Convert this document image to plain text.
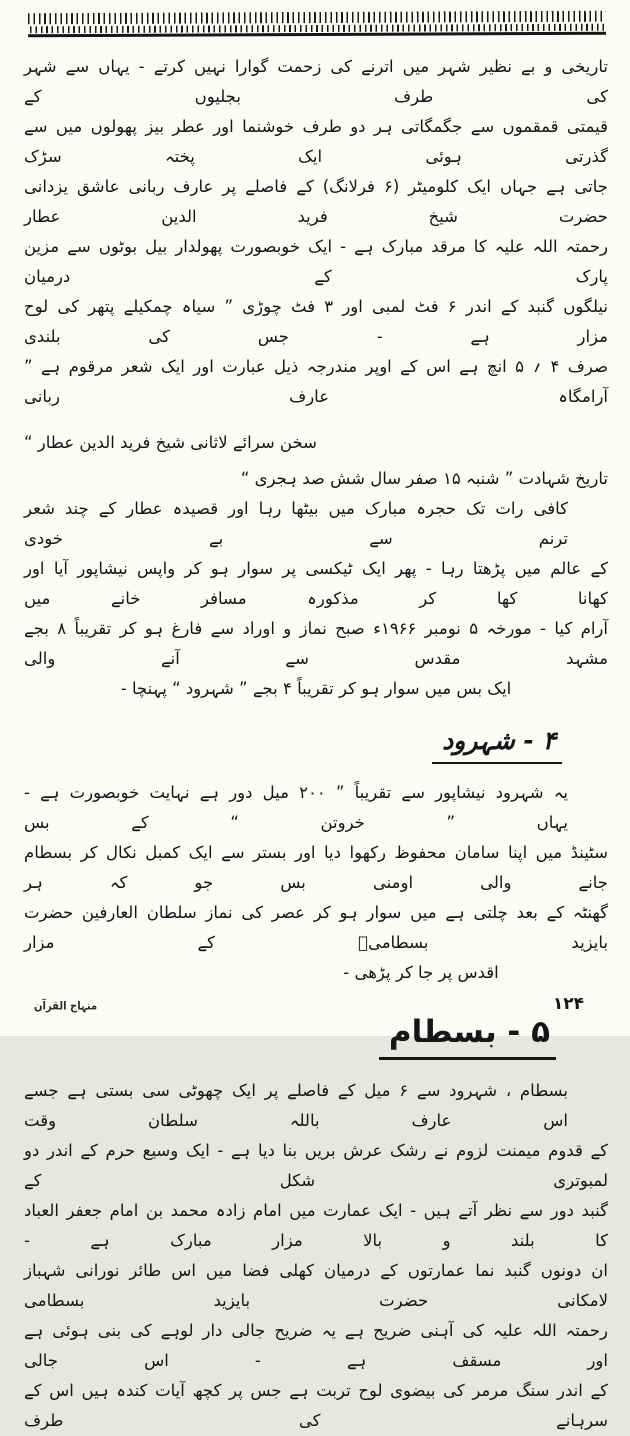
تاریخی و بے نظیر شہر میں اترنے کی زحمت گوارا نہیں کرتے - یہاں سے شہر کی طرف بجلیوں کے
قیمتی قمقموں سے جگمگاتی ہر دو طرف خوشنما اور عطر بیز پھولوں میں سے گذرتی ہوئی ایک پختہ سڑک
جاتی ہے جہاں ایک کلومیٹر (۶ فرلانگ) کے فاصلے پر عارف ربانی عاشق یزدانی حضرت شیخ فرید الدین عطار
رحمتہ اللہ علیہ کا مرقد مبارک ہے - ایک خوبصورت پھولدار بیل بوٹوں سے مزین پارک کے درمیان
نیلگوں گنبد کے اندر ۶ فٹ لمبی اور ۳ فٹ چوڑی ” سیاہ چمکیلے پتھر کی لوح مزار ہے - جس کی بلندی
صرف ۴ ؍ ۵ انچ ہے اس کے اوپر مندرجہ ذیل عبارت اور ایک شعر مرقوم ہے ” آرامگاہ عارف ربانی
سخن سرائے لاثانی شیخ فرید الدین عطار “
تاریخ شہادت ” شنبہ ۱۵ صفر سال شش صد ہجری “
کافی رات تک حجرہ مبارک میں بیٹھا رہا اور قصیدہ عطار کے چند شعر ترنم سے بے خودی
کے عالم میں پڑھتا رہا - پھر ایک ٹیکسی پر سوار ہو کر واپس نیشاپور آیا اور کھانا کھا کر مذکورہ مسافر خانے میں
آرام کیا - مورخہ ۵ نومبر ۱۹۶۶ء صبح نماز و اوراد سے فارغ ہو کر تقریباً ۸ بجے مشہد مقدس سے آنے والی
ایک بس میں سوار ہو کر تقریباً ۴ بجے ” شہرود “ پہنچا -
۴ - شہرود
یہ شہرود نیشاپور سے تقریباً ” ۲۰۰ میل دور ہے نہایت خوبصورت ہے - یہاں ” خروتن “ کے بس
سٹینڈ میں اپنا سامان محفوظ رکھوا دیا اور بستر سے ایک کمبل نکال کر بسطام جانے والی اومنی بس جو کہ ہر
گھنٹہ کے بعد چلتی ہے میں سوار ہو کر عصر کی نماز سلطان العارفین حضرت بایزید بسطامیؒ کے مزار
اقدس پر جا کر پڑھی -
۵ - بسطام
بسطام ، شہرود سے ۶ میل کے فاصلے پر ایک چھوٹی سی بستی ہے جسے اس عارف باللہ سلطان وقت
کے قدوم میمنت لزوم نے رشک عرش بریں بنا دیا ہے - ایک وسیع حرم کے اندر دو لمبوتری شکل کے
گنبد دور سے نظر آتے ہیں - ایک عمارت میں امام زادہ محمد بن امام جعفر العباد کا بلند و بالا مزار مبارک ہے -
ان دونوں گنبد نما عمارتوں کے درمیان کھلی فضا میں اس طائر نورانی شہباز لامکانی حضرت بایزید بسطامی
رحمتہ اللہ علیہ کی آہنی ضریح ہے یہ ضریح جالی دار لوہے کی بنی ہوئی ہے اور مسقف ہے - اس جالی
کے اندر سنگ مرمر کی بیضوی لوح تربت ہے جس پر کچھ آیات کندہ ہیں اس کے سرہانے کی طرف
منہاج القرآن	۱۲۴
